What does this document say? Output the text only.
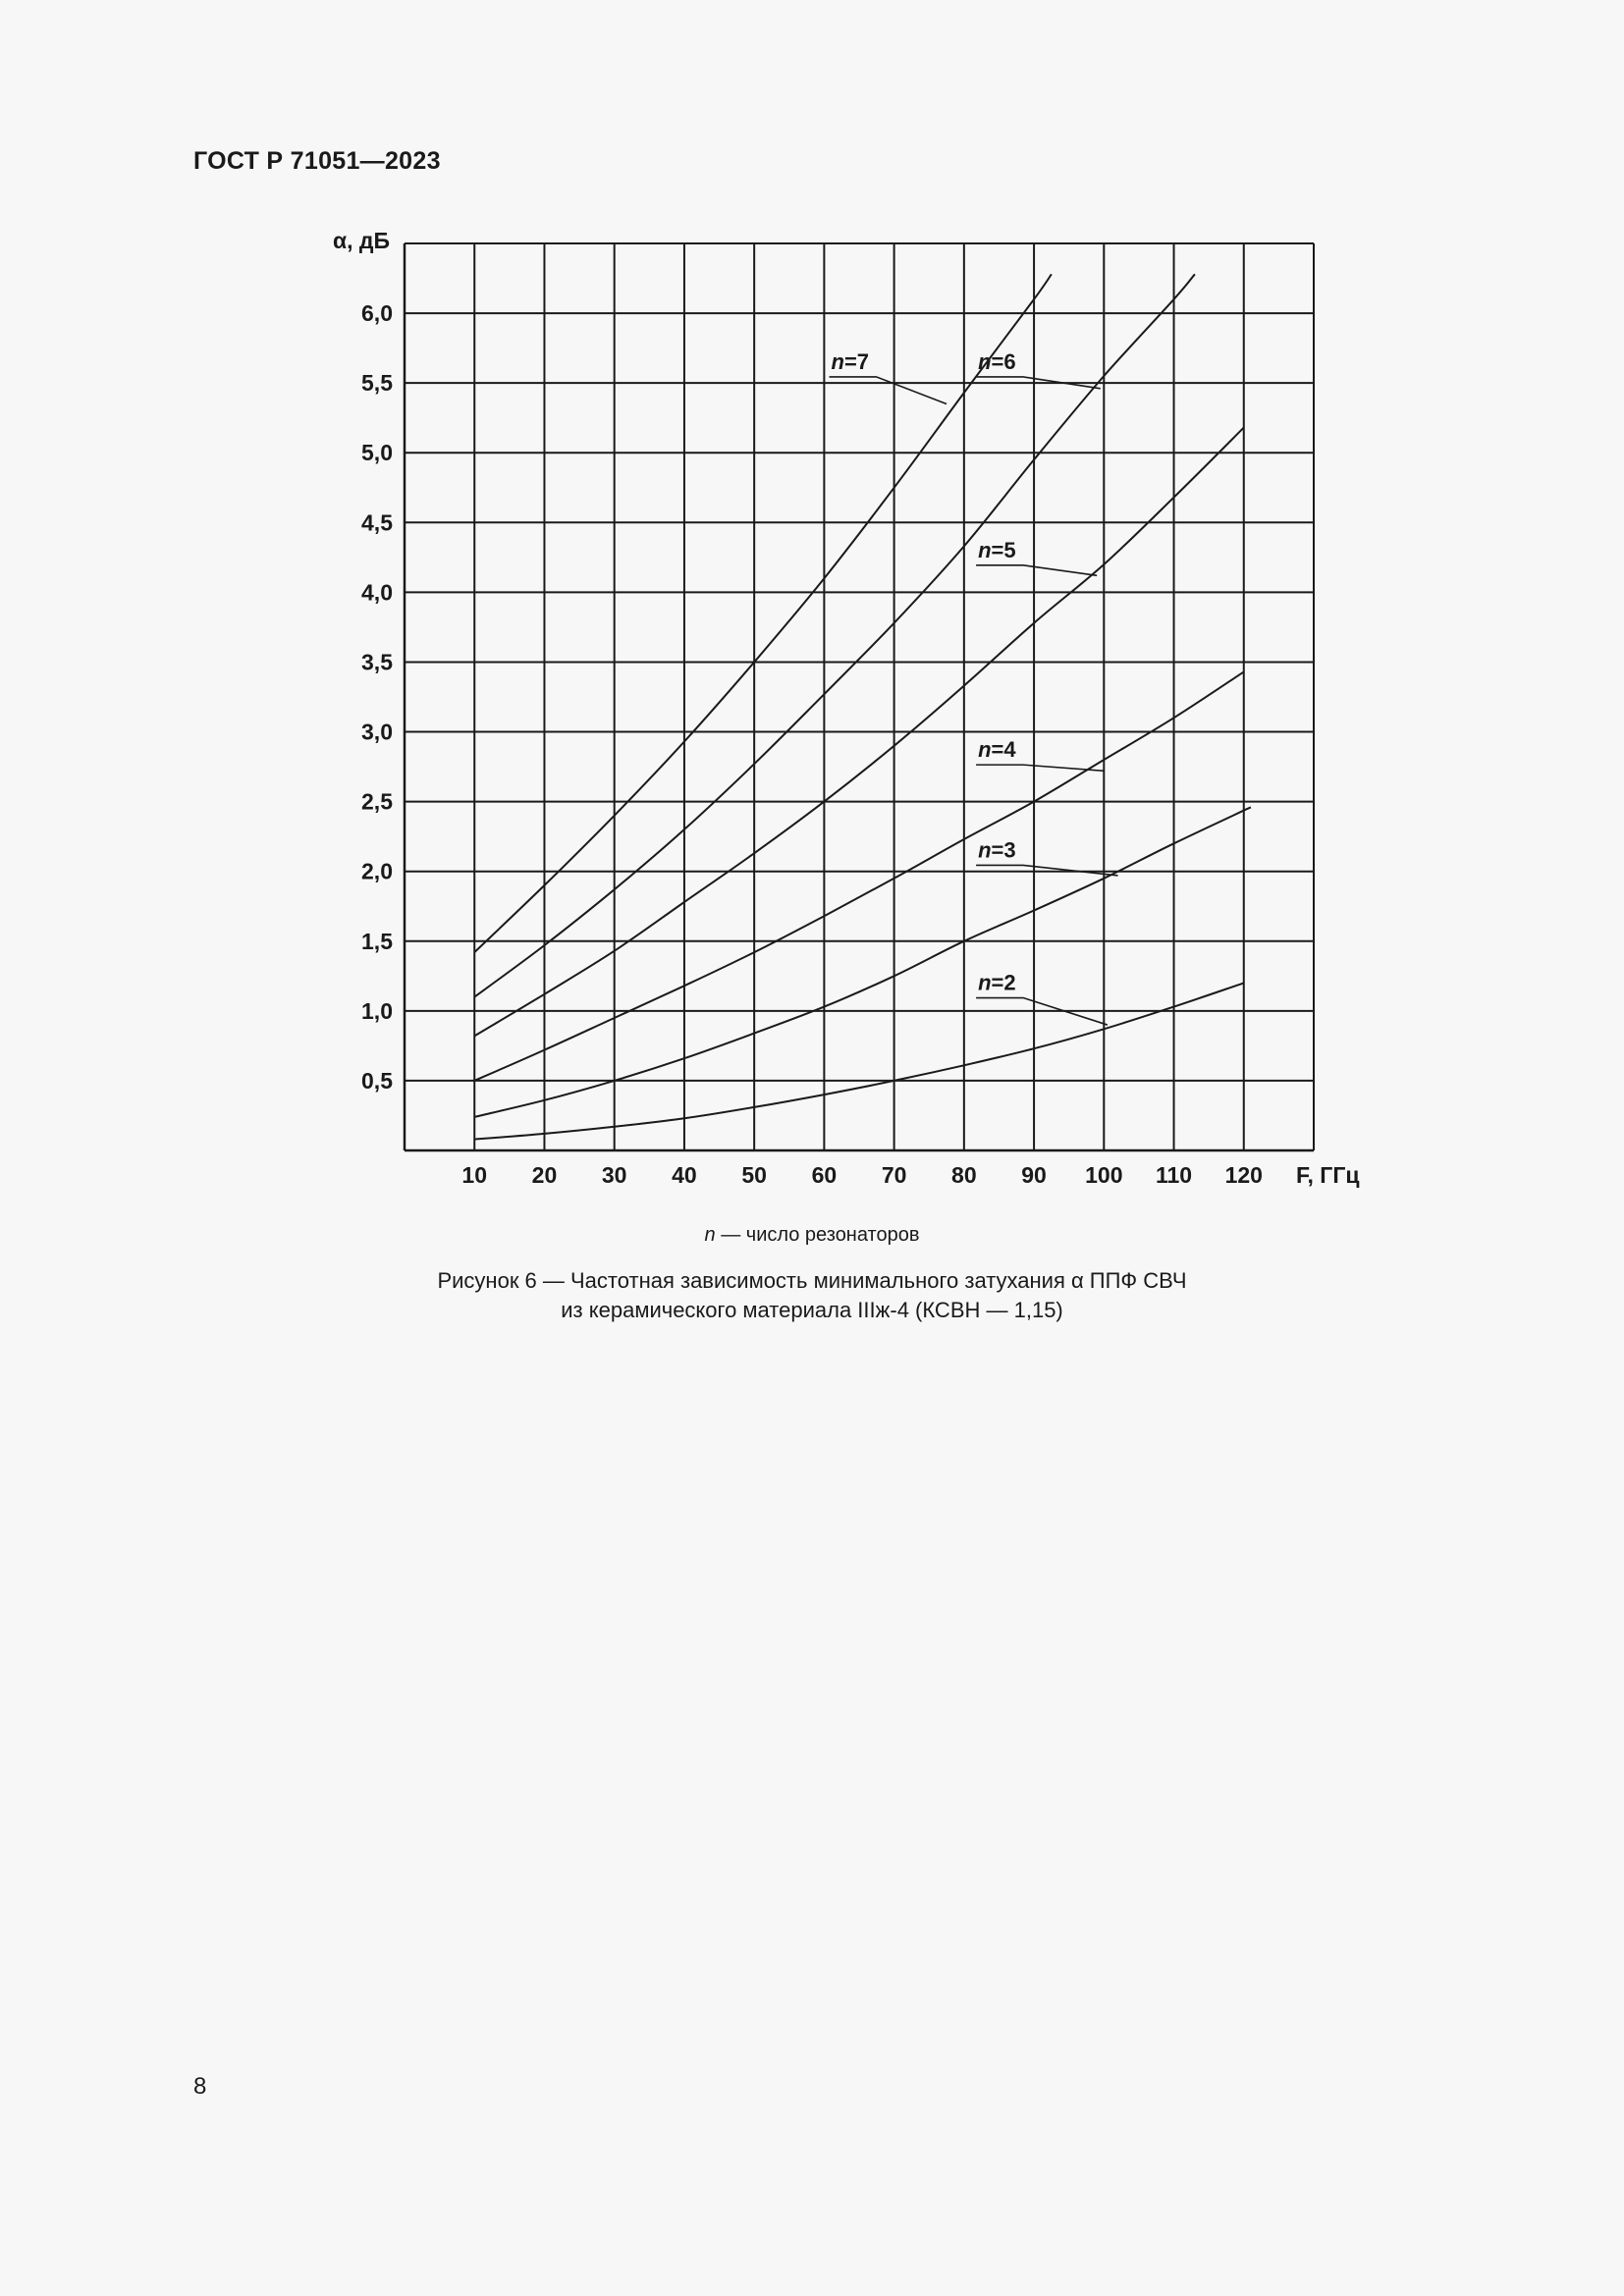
ГОСТ Р 71051—2023
n=2
n=3
n=4
n=5
n=6
n=7
10 20 30 40 50 60 70 80 90 100 110 120
0,5
1,0
1,5
2,0
2,5
3,0
3,5
4,0
4,5
5,0
5,5
6,0
α, дБ
F, ГГц
n — число резонаторов
Рисунок 6 — Частотная зависимость минимального затухания α ППФ СВЧ
из керамического материала IIIж-4 (КСВН — 1,15)
8
